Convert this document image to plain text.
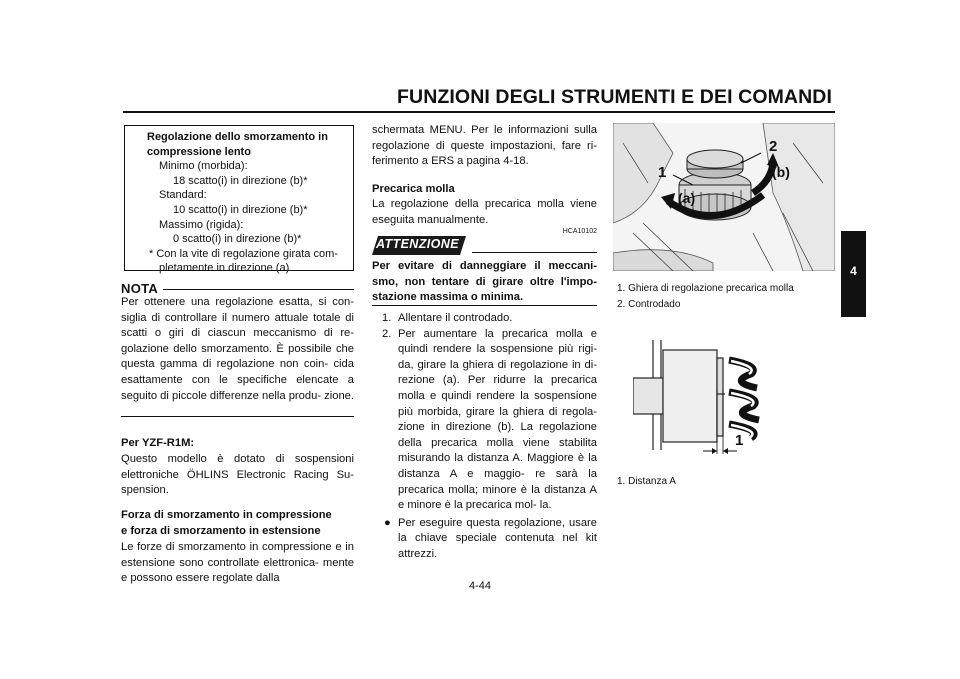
FUNZIONI DEGLI STRUMENTI E DEI COMANDI
4
Regolazione dello smorzamento in compressione lento
Minimo (morbida):
18 scatto(i) in direzione (b)*
Standard:
10 scatto(i) in direzione (b)*
Massimo (rigida):
0 scatto(i) in direzione (b)*
* Con la vite di regolazione girata com-
pletamente in direzione (a)
NOTA
Per ottenere una regolazione esatta, si con- siglia di controllare il numero attuale totale di scatti o giri di ciascun meccanismo di re- golazione dello smorzamento. È possibile che questa gamma di regolazione non coin- cida esattamente con le specifiche elencate a seguito di piccole differenze nella produ- zione.
Per YZF-R1M:
Questo modello è dotato di sospensioni elettroniche ÖHLINS Electronic Racing Su- spension.
Forza di smorzamento in compressione
e forza di smorzamento in estensione
Le forze di smorzamento in compressione e in estensione sono controllate elettronica- mente e possono essere regolate dalla
schermata MENU. Per le informazioni sulla regolazione di queste impostazioni, fare ri- ferimento a ERS a pagina 4-18.
Precarica molla
La regolazione della precarica molla viene eseguita manualmente.
HCA10102
ATTENZIONE
Per evitare di danneggiare il meccani- smo, non tentare di girare oltre l'impo- stazione massima o minima.
1. Allentare il controdado.
2. Per aumentare la precarica molla e quindi rendere la sospensione più rigi- da, girare la ghiera di regolazione in di- rezione (a). Per ridurre la precarica molla e quindi rendere la sospensione più morbida, girare la ghiera di regola- zione in direzione (b). La regolazione della precarica molla viene stabilita misurando la distanza A. Maggiore è la distanza A e maggio- re sarà la precarica molla; minore è la distanza A e minore è la precarica mol- la.
● Per eseguire questa regolazione, usare la chiave speciale contenuta nel kit attrezzi.
1
2
(a)
(b)
1. Ghiera di regolazione precarica molla
2. Controdado
1
1. Distanza A
4-44
